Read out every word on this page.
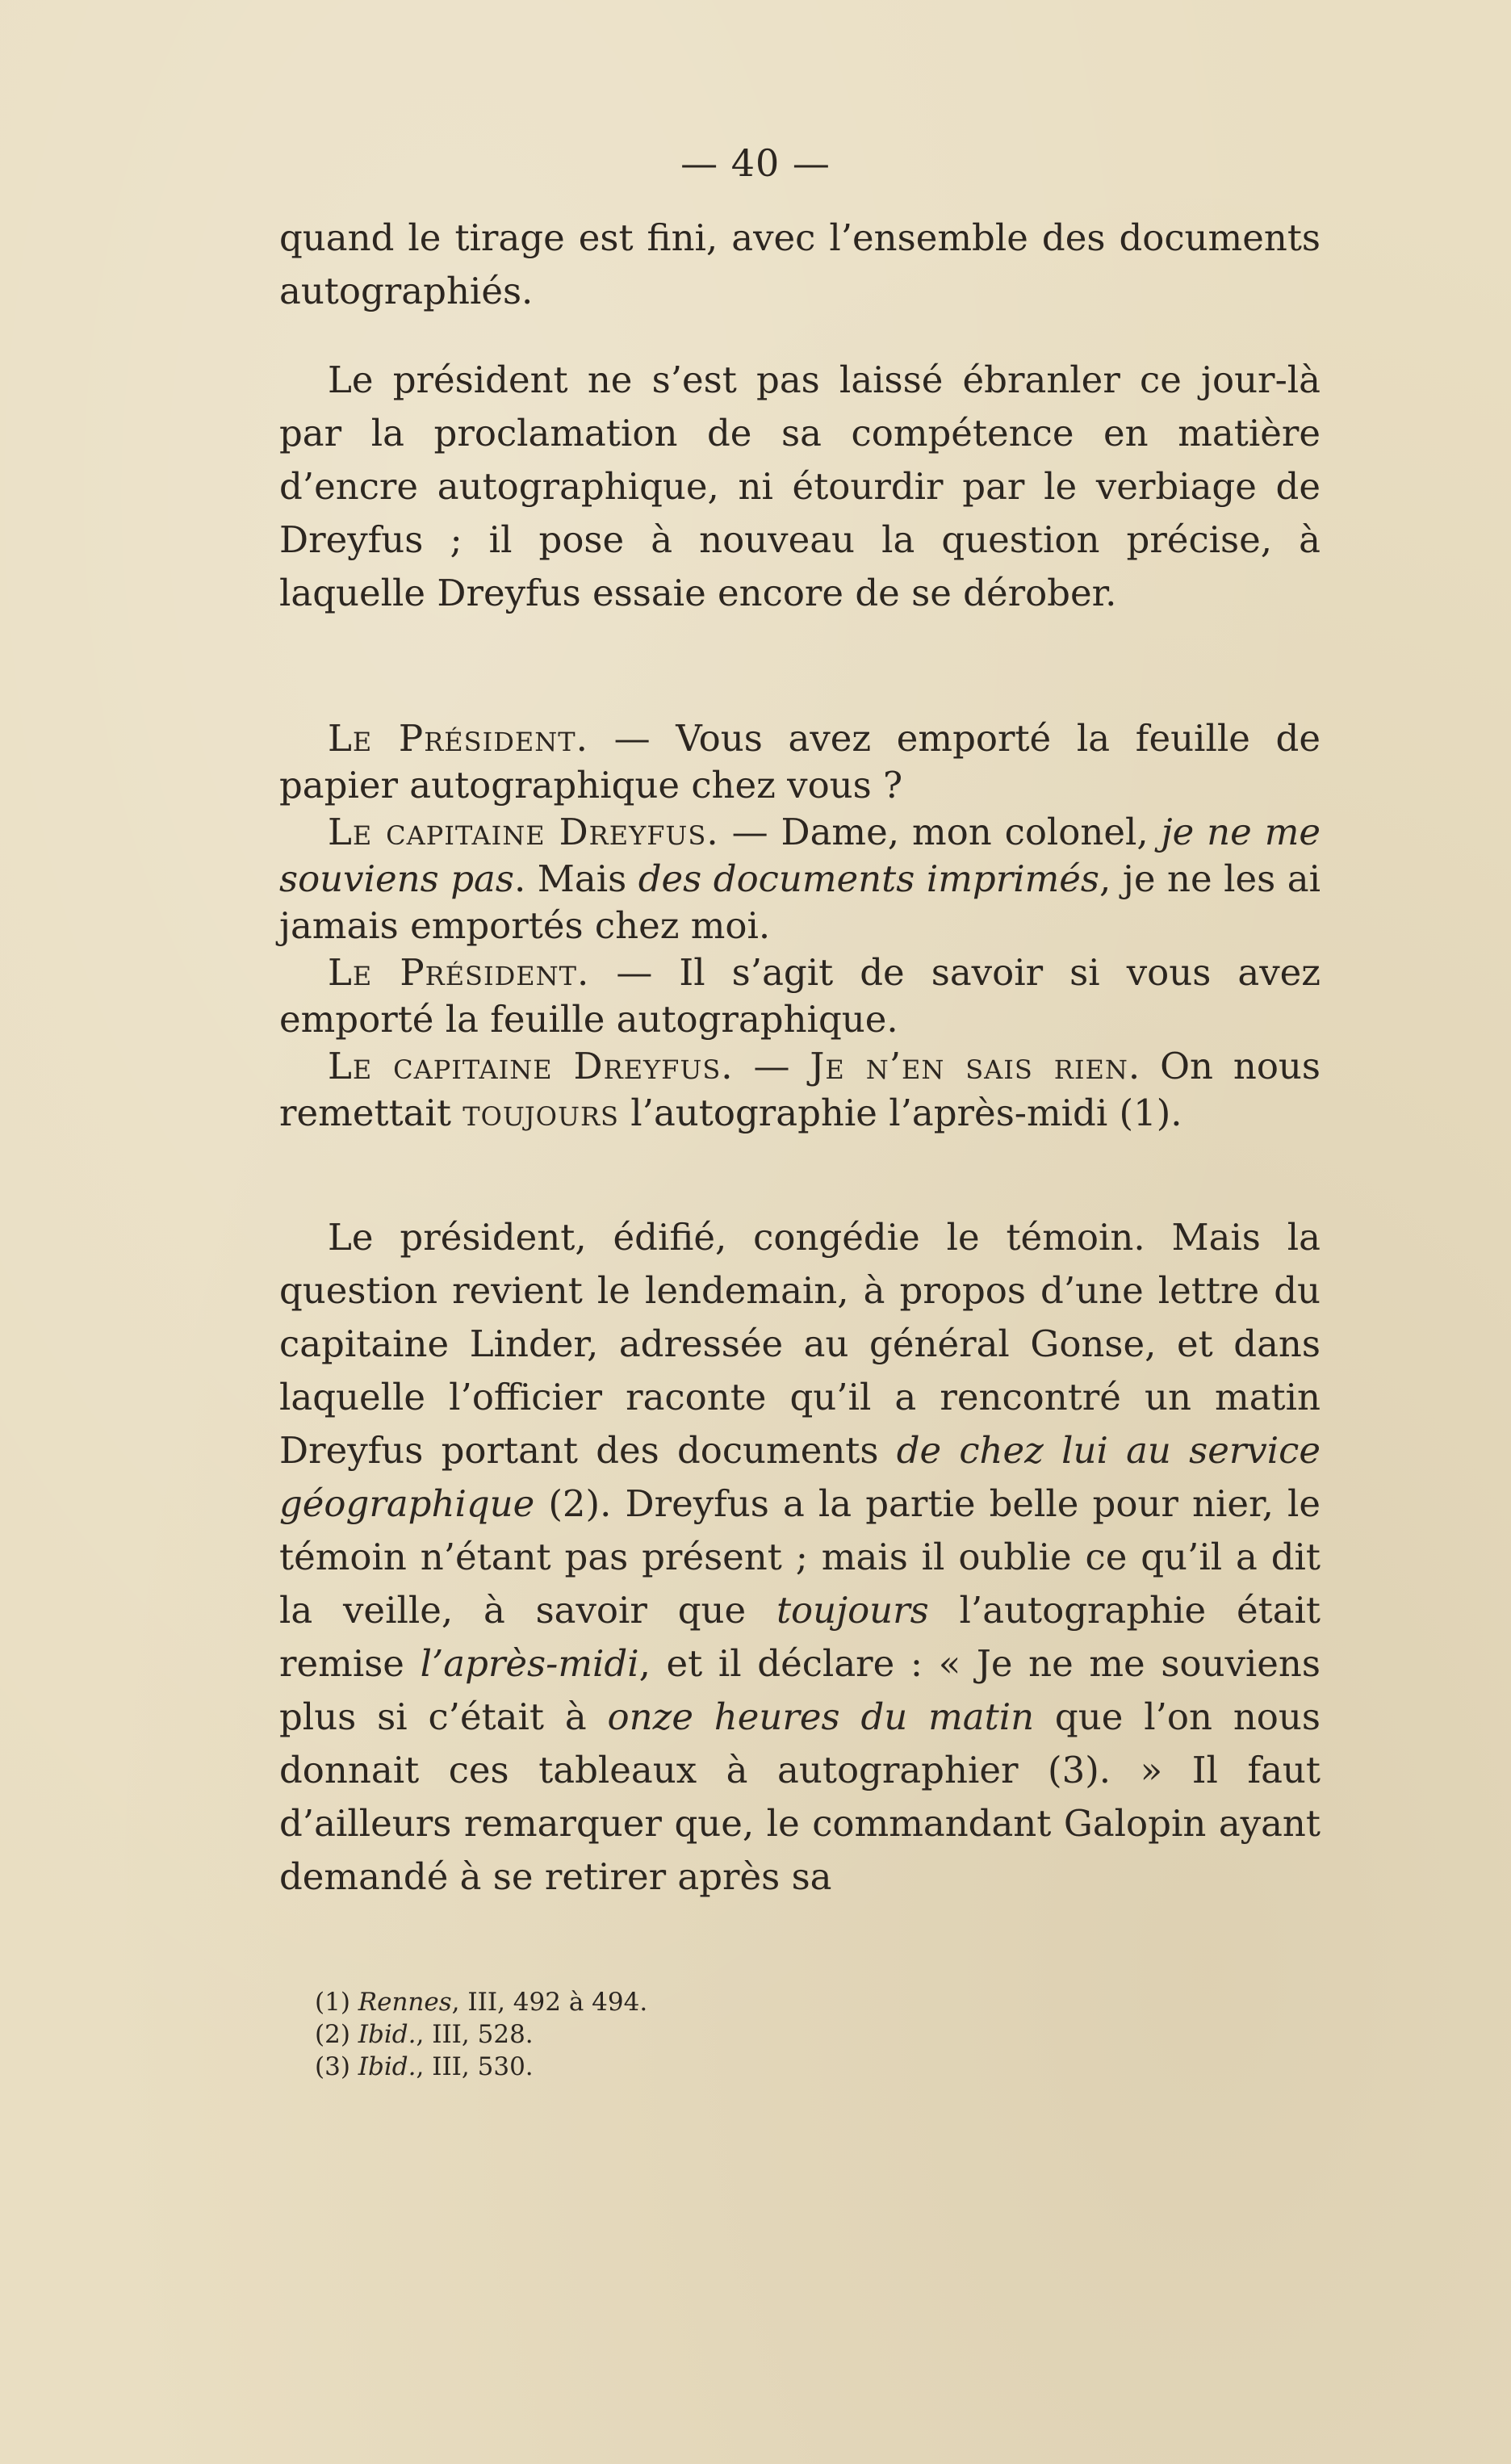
— 40 —

quand le tirage est fini, avec l’ensemble des documents autographiés.

Le président ne s’est pas laissé ébranler ce jour-là par la proclamation de sa compétence en matière d’encre autographique, ni étourdir par le verbiage de Dreyfus ; il pose à nouveau la question précise, à laquelle Dreyfus essaie encore de se dérober.

Le Président. — Vous avez emporté la feuille de papier autographique chez vous ?

Le capitaine Dreyfus. — Dame, mon colonel, je ne me souviens pas. Mais des documents imprimés, je ne les ai jamais emportés chez moi.

Le Président. — Il s’agit de savoir si vous avez emporté la feuille autographique.

Le capitaine Dreyfus. — Je n’en sais rien. On nous remettait toujours l’autographie l’après-midi (1).

Le président, édifié, congédie le témoin. Mais la question revient le lendemain, à propos d’une lettre du capitaine Linder, adressée au général Gonse, et dans laquelle l’officier raconte qu’il a rencontré un matin Dreyfus portant des documents de chez lui au service géographique (2). Dreyfus a la partie belle pour nier, le témoin n’étant pas présent ; mais il oublie ce qu’il a dit la veille, à savoir que toujours l’autographie était remise l’après-midi, et il déclare : « Je ne me souviens plus si c’était à onze heures du matin que l’on nous donnait ces tableaux à autographier (3). » Il faut d’ailleurs remarquer que, le commandant Galopin ayant demandé à se retirer après sa

(1) Rennes, III, 492 à 494.
(2) Ibid., III, 528.
(3) Ibid., III, 530.
